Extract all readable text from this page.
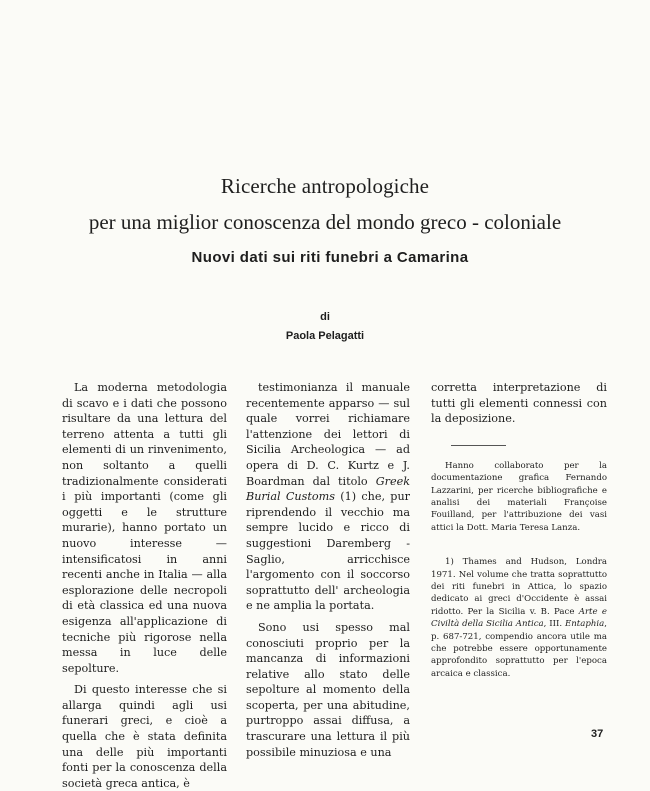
Ricerche antropologiche
per una miglior conoscenza del mondo greco - coloniale
Nuovi dati sui riti funebri a Camarina
di
Paola Pelagatti

La moderna metodologia di scavo e i dati che possono risultare da una lettura del terreno attenta a tutti gli elementi di un rinvenimento, non soltanto a quelli tradizionalmente considerati i più importanti (come gli oggetti e le strutture murarie), hanno portato un nuovo interesse — intensificatosi in anni recenti anche in Italia — alla esplorazione delle necropoli di età classica ed una nuova esigenza all'applicazione di tecniche più rigorose nella messa in luce delle sepolture.

Di questo interesse che si allarga quindi agli usi funerari greci, e cioè a quella che è stata definita una delle più importanti fonti per la conoscenza della società greca antica, è

testimonianza il manuale recentemente apparso — sul quale vorrei richiamare l'attenzione dei lettori di Sicilia Archeologica — ad opera di D. C. Kurtz e J. Boardman dal titolo Greek Burial Customs (1) che, pur riprendendo il vecchio ma sempre lucido e ricco di suggestioni Daremberg - Saglio, arricchisce l'argomento con il soccorso soprattutto dell' archeologia e ne amplia la portata.

Sono usi spesso mal conosciuti proprio per la mancanza di informazioni relative allo stato delle sepolture al momento della scoperta, per una abitudine, purtroppo assai diffusa, a trascurare una lettura il più possibile minuziosa e una

corretta interpretazione di tutti gli elementi connessi con la deposizione.

Hanno collaborato per la documentazione grafica Fernando Lazzarini, per ricerche bibliografiche e analisi dei materiali Françoise Fouilland, per l'attribuzione dei vasi attici la Dott. Maria Teresa Lanza.

1) Thames and Hudson, Londra 1971. Nel volume che tratta soprattutto dei riti funebri in Attica, lo spazio dedicato ai greci d'Occidente è assai ridotto. Per la Sicilia v. B. Pace Arte e Civiltà della Sicilia Antica, III. Entaphia, p. 687-721, compendio ancora utile ma che potrebbe essere opportunamente approfondito soprattutto per l'epoca arcaica e classica.

37
